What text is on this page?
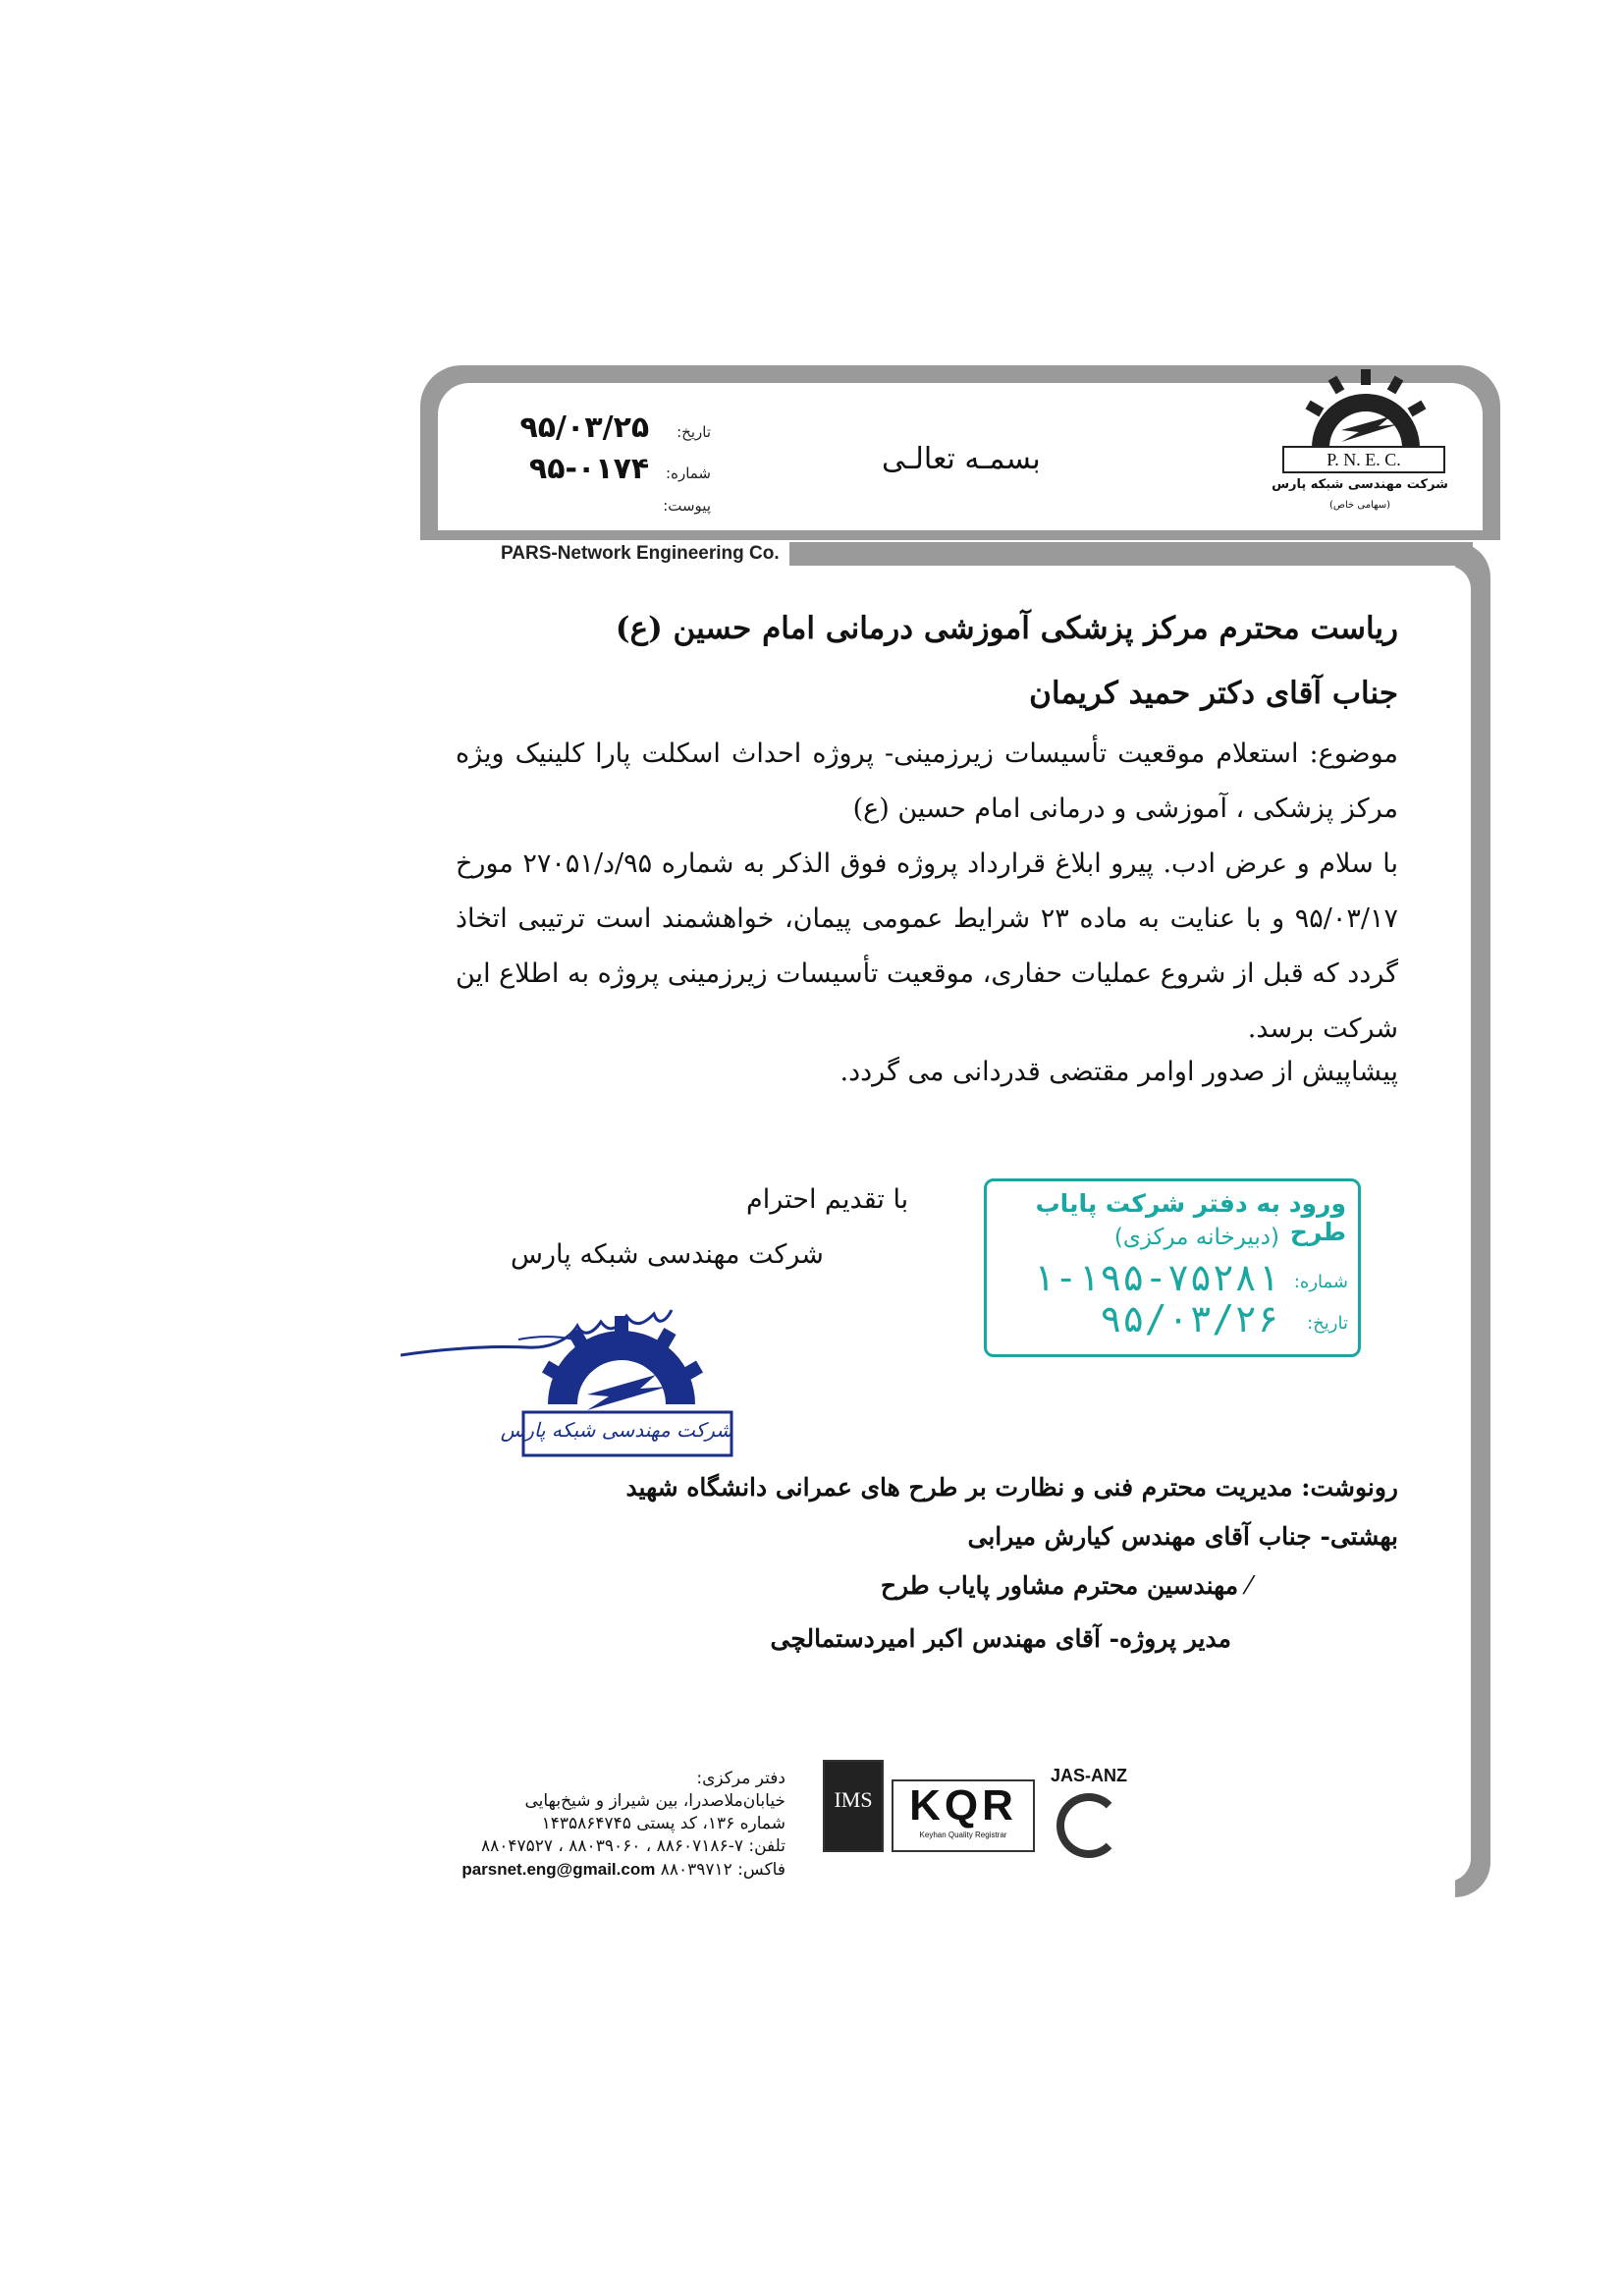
PARS-Network Engineering Co.
P. N. E. C.
شرکت مهندسی شبکه پارس
(سهامی خاص)
بسمـه تعالـی
تاریخ: ۹۵/۰۳/۲۵
شماره: ۹۵-۰۱۷۴
پیوست:
ریاست محترم مرکز پزشکی آموزشی درمانی امام حسین (ع)
جناب آقای دکتر حمید کریمان
موضوع: استعلام موقعیت تأسیسات زیرزمینی- پروژه احداث اسکلت پارا کلینیک ویژه مرکز پزشکی ، آموزشی و درمانی امام حسین (ع)
با سلام و عرض ادب. پیرو ابلاغ قرارداد پروژه فوق الذکر به شماره ۹۵/د/۲۷۰۵۱ مورخ ۹۵/۰۳/۱۷ و با عنایت به ماده ۲۳ شرایط عمومی پیمان، خواهشمند است ترتیبی اتخاذ گردد که قبل از شروع عملیات حفاری، موقعیت تأسیسات زیرزمینی پروژه به اطلاع این شرکت برسد.
پیشاپیش از صدور اوامر مقتضی قدردانی می گردد.
با تقدیم احترام
شرکت مهندسی شبکه پارس
شرکت مهندسی شبکه پارس
ورود به دفتر شرکت پایاب طرح
(دبیرخانه مرکزی)
شماره:
۱-۱۹۵-۷۵۲۸۱
تاریخ:
۹۵/۰۳/۲۶
رونوشت: مدیریت محترم فنی و نظارت بر طرح های عمرانی دانشگاه شهید
بهشتی- جناب آقای مهندس کیارش میرابی
⁄ مهندسین محترم مشاور پایاب طرح
مدیر پروژه- آقای مهندس اکبر امیردستمالچی
دفتر مرکزی:
خیابان‌ملاصدرا، بین شیراز و شیخ‌بهایی
شماره ۱۳۶، کد پستی ۱۴۳۵۸۶۴۷۴۵
تلفن: ۷-۸۸۶۰۷۱۸۶ ، ۸۸۰۳۹۰۶۰ ، ۸۸۰۴۷۵۲۷
فاکس: ۸۸۰۳۹۷۱۲ parsnet.eng@gmail.com
IMS KQR
Keyhan Quality Registrar
JAS-ANZ
